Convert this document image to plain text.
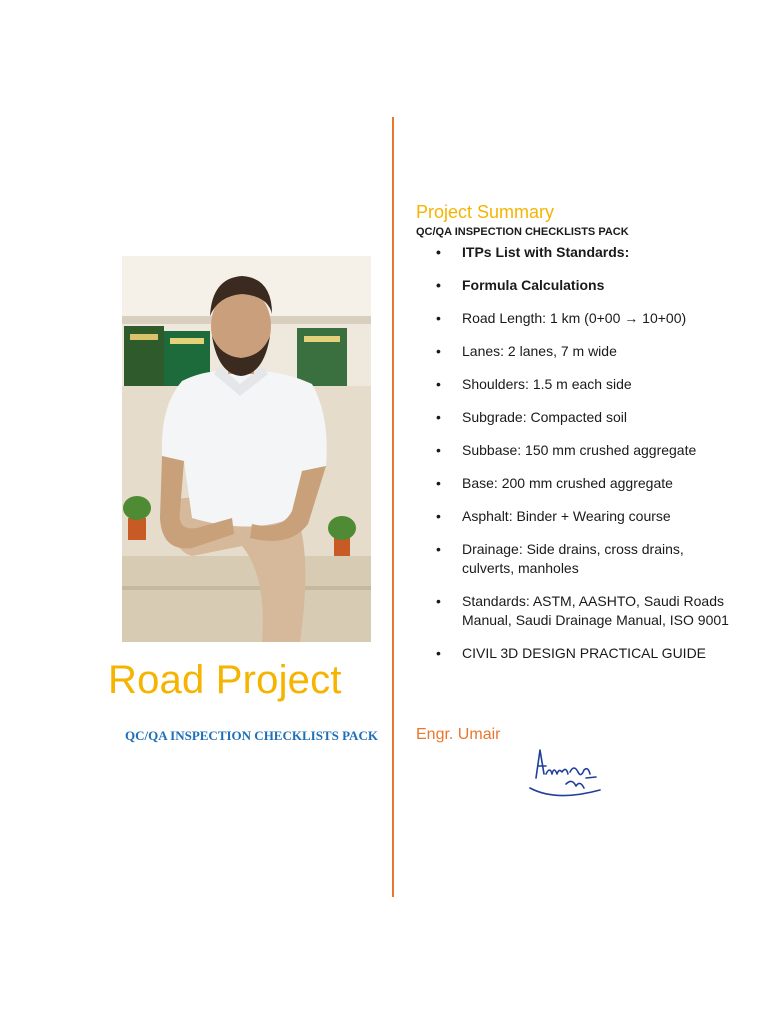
Road Project
QC/QA INSPECTION CHECKLISTS PACK
Project Summary
QC/QA INSPECTION CHECKLISTS PACK
• ITPs List with Standards:
• Formula Calculations
• Road Length: 1 km (0+00 → 10+00)
• Lanes: 2 lanes, 7 m wide
• Shoulders: 1.5 m each side
• Subgrade: Compacted soil
• Subbase: 150 mm crushed aggregate
• Base: 200 mm crushed aggregate
• Asphalt: Binder + Wearing course
• Drainage: Side drains, cross drains, culverts, manholes
• Standards: ASTM, AASHTO, Saudi Roads Manual, Saudi Drainage Manual, ISO 9001
• CIVIL 3D DESIGN PRACTICAL GUIDE
Engr. Umair
